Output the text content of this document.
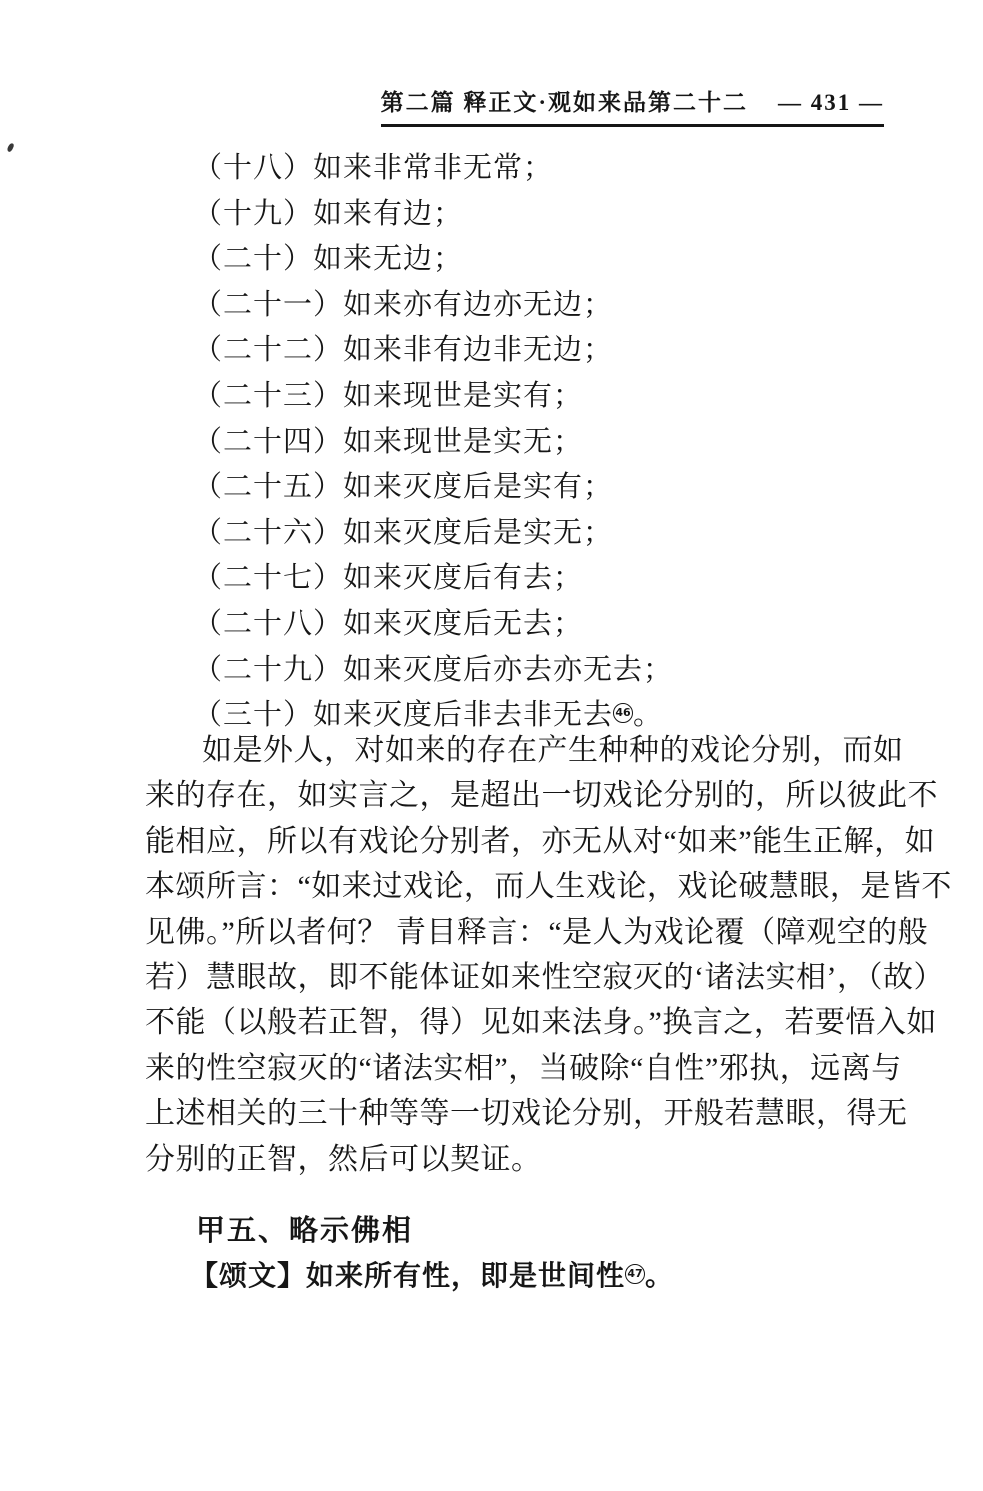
第二篇 释正文·观如来品第二十二 — 431 —

（十八）如来非常非无常；

（十九）如来有边；

（二十）如来无边；

（二十一）如来亦有边亦无边；

（二十二）如来非有边非无边；

（二十三）如来现世是实有；

（二十四）如来现世是实无；

（二十五）如来灭度后是实有；

（二十六）如来灭度后是实无；

（二十七）如来灭度后有去；

（二十八）如来灭度后无去；

（二十九）如来灭度后亦去亦无去；

（三十）如来灭度后非去非无去 $^{46}$。

如是外人，对如来的存在产生种种的戏论分别，而如

来的存在，如实言之，是超出一切戏论分别的，所以彼此不

能相应，所以有戏论分别者，亦无从对“如来”能生正解，如

本颂所言：“如来过戏论，而人生戏论，戏论破慧眼，是皆不

见佛。”所以者何？ 青目释言：“是人为戏论覆（障观空的般

若）慧眼故，即不能体证如来性空寂灭的‘诸法实相’，（故）

不能（以般若正智，得）见如来法身。”换言之，若要悟入如

来的性空寂灭的“诸法实相”，当破除“自性”邪执，远离与

上述相关的三十种等等一切戏论分别，开般若慧眼，得无

分别的正智，然后可以契证。

甲五、略示佛相

【颂文】如来所有性，即是世间性 $^{47}$。
